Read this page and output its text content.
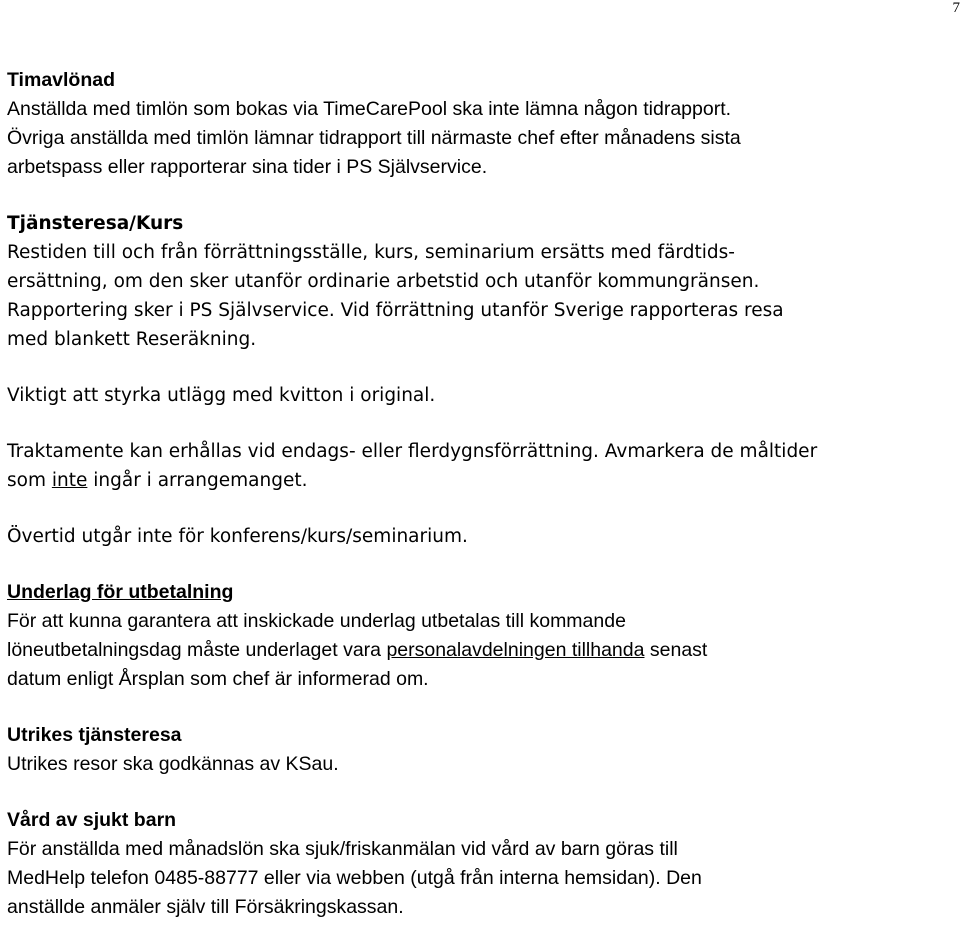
7
Timavlönad
Anställda med timlön som bokas via TimeCarePool ska inte lämna någon tidrapport.
Övriga anställda med timlön lämnar tidrapport till närmaste chef efter månadens sista
arbetspass eller rapporterar sina tider i PS Självservice.
Tjänsteresa/Kurs
Restiden till och från förrättningsställe, kurs, seminarium ersätts med färdtids-
ersättning, om den sker utanför ordinarie arbetstid och utanför kommungränsen.
Rapportering sker i PS Självservice. Vid förrättning utanför Sverige rapporteras resa
med blankett Reseräkning.
Viktigt att styrka utlägg med kvitton i original.
Traktamente kan erhållas vid endags- eller flerdygnsförrättning. Avmarkera de måltider
som inte ingår i arrangemanget.
Övertid utgår inte för konferens/kurs/seminarium.
Underlag för utbetalning
För att kunna garantera att inskickade underlag utbetalas till kommande
löneutbetalningsdag måste underlaget vara personalavdelningen tillhanda senast
datum enligt Årsplan som chef är informerad om.
Utrikes tjänsteresa
Utrikes resor ska godkännas av KSau.
Vård av sjukt barn
För anställda med månadslön ska sjuk/friskanmälan vid vård av barn göras till
MedHelp telefon 0485-88777 eller via webben (utgå från interna hemsidan). Den
anställde anmäler själv till Försäkringskassan.
